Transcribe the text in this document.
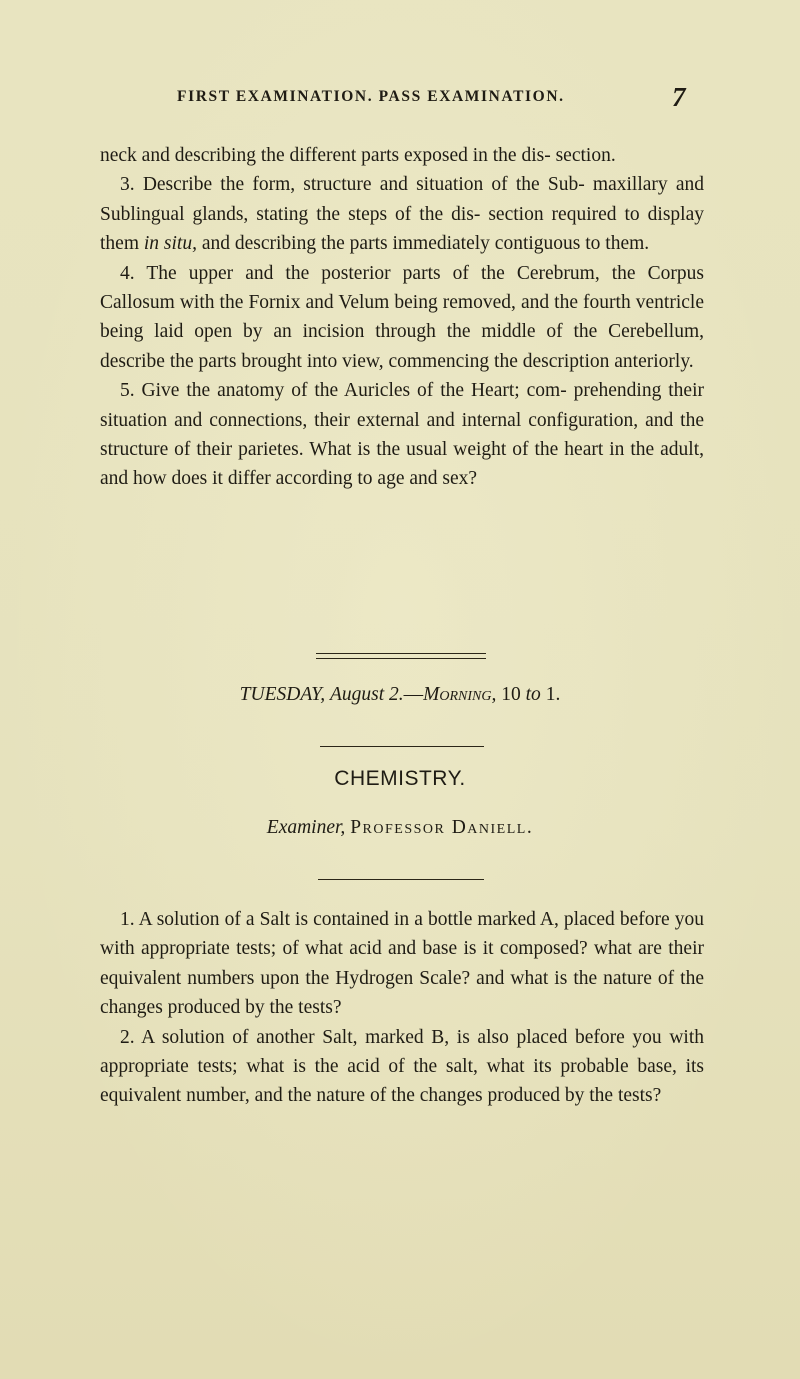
FIRST EXAMINATION. PASS EXAMINATION.	7

neck and describing the different parts exposed in the dis- section.

3. Describe the form, structure and situation of the Sub- maxillary and Sublingual glands, stating the steps of the dis- section required to display them in situ, and describing the parts immediately contiguous to them.

4. The upper and the posterior parts of the Cerebrum, the Corpus Callosum with the Fornix and Velum being removed, and the fourth ventricle being laid open by an incision through the middle of the Cerebellum, describe the parts brought into view, commencing the description anteriorly.

5. Give the anatomy of the Auricles of the Heart; com- prehending their situation and connections, their external and internal configuration, and the structure of their parietes. What is the usual weight of the heart in the adult, and how does it differ according to age and sex?

TUESDAY, August 2.—Morning, 10 to 1.
CHEMISTRY.
Examiner, Professor Daniell.

1. A solution of a Salt is contained in a bottle marked A, placed before you with appropriate tests; of what acid and base is it composed? what are their equivalent numbers upon the Hydrogen Scale? and what is the nature of the changes produced by the tests?

2. A solution of another Salt, marked B, is also placed before you with appropriate tests; what is the acid of the salt, what its probable base, its equivalent number, and the nature of the changes produced by the tests?
